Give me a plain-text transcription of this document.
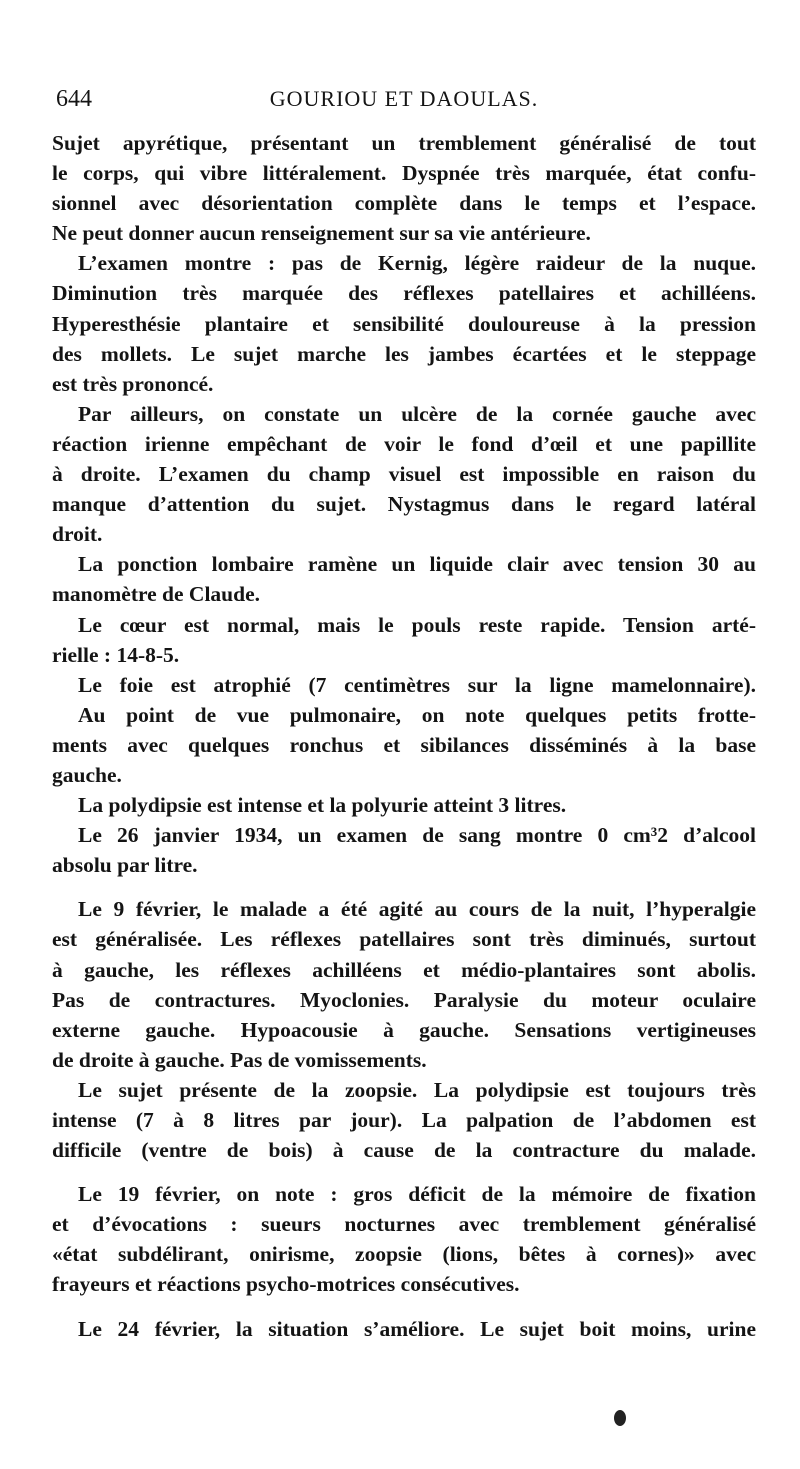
644	GOURIOU ET DAOULAS.
Sujet apyrétique, présentant un tremblement généralisé de tout
le corps, qui vibre littéralement. Dyspnée très marquée, état confu-
sionnel avec désorientation complète dans le temps et l’espace.
Ne peut donner aucun renseignement sur sa vie antérieure.
L’examen montre : pas de Kernig, légère raideur de la nuque.
Diminution très marquée des réflexes patellaires et achilléens.
Hyperesthésie plantaire et sensibilité douloureuse à la pression
des mollets. Le sujet marche les jambes écartées et le steppage
est très prononcé.
Par ailleurs, on constate un ulcère de la cornée gauche avec
réaction irienne empêchant de voir le fond d’œil et une papillite
à droite. L’examen du champ visuel est impossible en raison du
manque d’attention du sujet. Nystagmus dans le regard latéral
droit.
La ponction lombaire ramène un liquide clair avec tension 30 au
manomètre de Claude.
Le cœur est normal, mais le pouls reste rapide. Tension arté-
rielle : 14-8-5.
Le foie est atrophié (7 centimètres sur la ligne mamelonnaire).
Au point de vue pulmonaire, on note quelques petits frotte-
ments avec quelques ronchus et sibilances disséminés à la base
gauche.
La polydipsie est intense et la polyurie atteint 3 litres.
Le 26 janvier 1934, un examen de sang montre 0 cm³2 d’alcool
absolu par litre.
Le 9 février, le malade a été agité au cours de la nuit, l’hyperalgie
est généralisée. Les réflexes patellaires sont très diminués, surtout
à gauche, les réflexes achilléens et médio-plantaires sont abolis.
Pas de contractures. Myoclonies. Paralysie du moteur oculaire
externe gauche. Hypoacousie à gauche. Sensations vertigineuses
de droite à gauche. Pas de vomissements.
Le sujet présente de la zoopsie. La polydipsie est toujours très
intense (7 à 8 litres par jour). La palpation de l’abdomen est
difficile (ventre de bois) à cause de la contracture du malade.
Le 19 février, on note : gros déficit de la mémoire de fixation
et d’évocations : sueurs nocturnes avec tremblement généralisé
«état subdélirant, onirisme, zoopsie (lions, bêtes à cornes)» avec
frayeurs et réactions psycho-motrices consécutives.
Le 24 février, la situation s’améliore. Le sujet boit moins, urine
